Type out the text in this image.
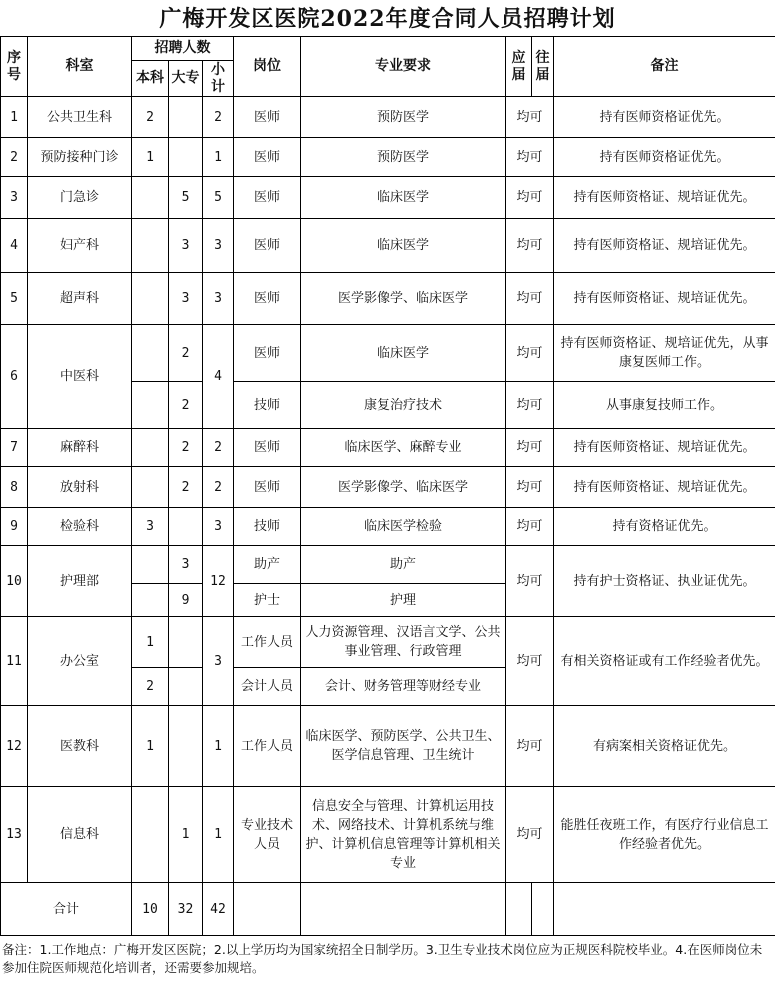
广梅开发区医院2022年度合同人员招聘计划
序号	科室	招聘人数			岗位	专业要求	应届	往届	备注
		本科	大专	小计					
1	公共卫生科	2		2	医师	预防医学	均可		持有医师资格证优先。
2	预防接种门诊	1		1	医师	预防医学	均可		持有医师资格证优先。
3	门急诊		5	5	医师	临床医学	均可		持有医师资格证、规培证优先。
4	妇产科		3	3	医师	临床医学	均可		持有医师资格证、规培证优先。
5	超声科		3	3	医师	医学影像学、临床医学	均可		持有医师资格证、规培证优先。
6	中医科		2	4	医师	临床医学	均可		持有医师资格证、规培证优先，从事康复医师工作。
			2		技师	康复治疗技术	均可		从事康复技师工作。
7	麻醉科		2	2	医师	临床医学、麻醉专业	均可		持有医师资格证、规培证优先。
8	放射科		2	2	医师	医学影像学、临床医学	均可		持有医师资格证、规培证优先。
9	检验科	3		3	技师	临床医学检验	均可		持有资格证优先。
10	护理部		3	12	助产	助产	均可		持有护士资格证、执业证优先。
			9		护士	护理			
11	办公室	1		3	工作人员	人力资源管理、汉语言文学、公共事业管理、行政管理	均可		有相关资格证或有工作经验者优先。
		2			会计人员	会计、财务管理等财经专业			
12	医教科	1		1	工作人员	临床医学、预防医学、公共卫生、医学信息管理、卫生统计	均可		有病案相关资格证优先。
13	信息科		1	1	专业技术人员	信息安全与管理、计算机运用技术、网络技术、计算机系统与维护、计算机信息管理等计算机相关专业	均可		能胜任夜班工作，有医疗行业信息工作经验者优先。
合计		10	32	42					
备注：1.工作地点：广梅开发区医院；2.以上学历均为国家统招全日制学历。3.卫生专业技术岗位应为正规医科院校毕业。4.在医师岗位未参加住院医师规范化培训者，还需要参加规培。
